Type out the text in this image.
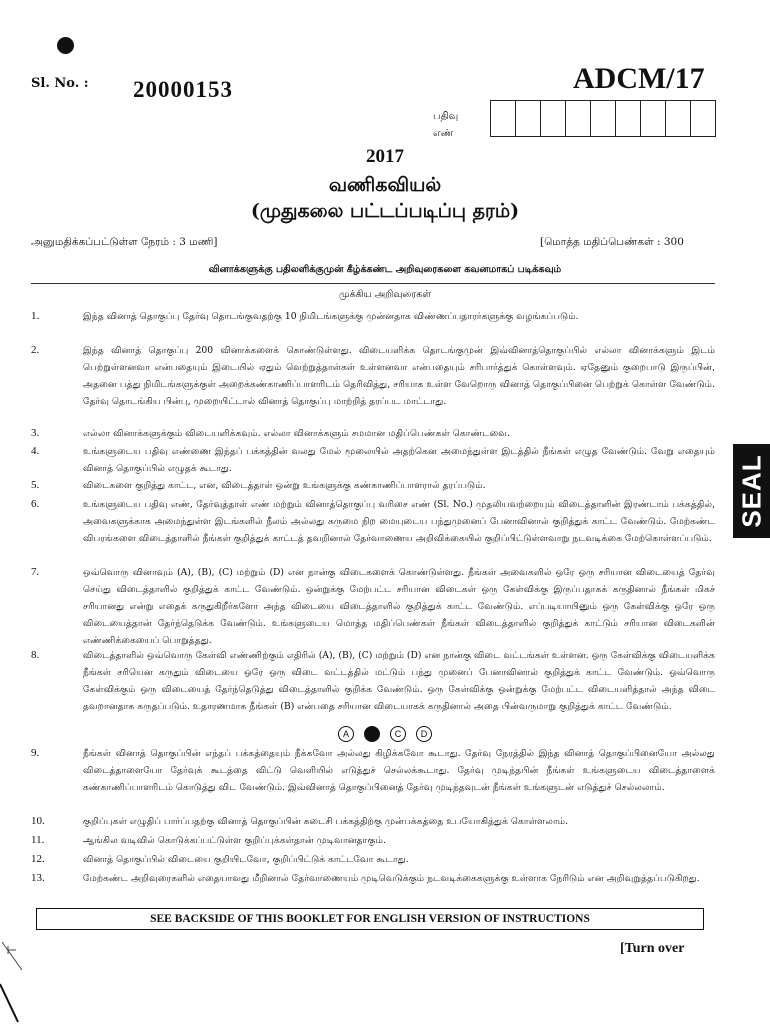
Sl. No. : 20000153	ADCM/17
பதிவு
எண்
2017
வணிகவியல்
(முதுகலை பட்டப்படிப்பு தரம்)
அனுமதிக்கப்பட்டுள்ள நேரம் : 3 மணி]	[மொத்த மதிப்பெண்கள் : 300
வினாக்களுக்கு பதிலளிக்குமுன் கீழ்க்கண்ட அறிவுரைகளை கவனமாகப் படிக்கவும்
முக்கிய அறிவுரைகள்
1.	இந்த வினாத் தொகுப்பு தேர்வு தொடங்குவதற்கு 10 நிமிடங்களுக்கு முன்னதாக விண்ணப்பதாரர்களுக்கு வழங்கப்படும்.
2.	இந்த வினாத் தொகுப்பு 200 வினாக்களைக் கொண்டுள்ளது. விடையளிக்க தொடங்குமுன் இவ்வினாத்தொகுப்பில் எல்லா வினாக்களும் இடம் பெற்றுள்ளனவா என்பதையும் இடையில் ஏதும் வெற்றுத்தாள்கள் உள்ளனவா என்பதையும் சரிபார்த்துக் கொள்ளவும். ஏதேனும் குறைபாடு இருப்பின், அதனை பத்து நிமிடங்களுக்குள் அறைக்கண்காணிப்பாளரிடம் தெரிவித்து, சரியாக உள்ள வேறொரு வினாத் தொகுப்பினை பெற்றுக் கொள்ள வேண்டும். தேர்வு தொடங்கிய பின்பு, முறையிட்டால் வினாத் தொகுப்பு மாற்றித் தரப்பட மாட்டாது.
3.	எல்லா வினாக்களுக்கும் விடையளிக்கவும். எல்லா வினாக்களும் சமமான மதிப்பெண்கள் கொண்டவை.
4.	உங்களுடைய பதிவு எண்ணை இந்தப் பக்கத்தின் வலது மேல் மூலையில் அதற்கென அமைந்துள்ள இடத்தில் நீங்கள் எழுத வேண்டும். வேறு எதையும் வினாத் தொகுப்பில் எழுதக் கூடாது.
5.	விடைகளை குறித்து காட்ட, என, விடைத்தாள் ஒன்று உங்களுக்கு கண்காணிப்பாளரால் தரப்படும்.
6.	உங்களுடைய பதிவு எண், தேர்வுத்தாள் எண் மற்றும் வினாத்தொகுப்பு வரிசை எண் (Sl. No.) முதலியவற்றையும் விடைத்தாளின் இரண்டாம் பக்கத்தில், அவைகளுக்காக அமைந்துள்ள இடங்களில் நீலம் அல்லது கருமை நிற மையுடைய பந்துமுனைப் பேனாவினால் குறித்துக் காட்ட வேண்டும். மேற்கண்ட விபரங்களை விடைத்தாளில் நீங்கள் குறித்துக் காட்டத் தவறினால் தேர்வாணைய அறிவிக்கையில் குறிப்பிட்டுள்ளவாறு நடவடிக்கை மேற்கொள்ளப்படும்.
7.	ஒவ்வொரு வினாவும் (A), (B), (C) மற்றும் (D) என நான்கு விடைகளைக் கொண்டுள்ளது. நீங்கள் அவைகளில் ஒரே ஒரு சரியான விடையைத் தேர்வு செய்து விடைத்தாளில் குறித்துக் காட்ட வேண்டும். ஒன்றுக்கு மேற்பட்ட சரியான விடைகள் ஒரு கேள்விக்கு இருப்பதாகக் கருதினால் நீங்கள் மிகச் சரியானது என்று எதைக் கருதுகிறீர்களோ அந்த விடையை விடைத்தாளில் குறித்துக் காட்ட வேண்டும். எப்படியாயினும் ஒரு கேள்விக்கு ஒரே ஒரு விடையைத்தான் தேர்ந்தெடுக்க வேண்டும். உங்களுடைய மொத்த மதிப்பெண்கள் நீங்கள் விடைத்தாளில் குறித்துக் காட்டும் சரியான விடைகளின் எண்ணிக்கையைப் பொறுத்தது.
8.	விடைத்தாளில் ஒவ்வொரு கேள்வி எண்ணிற்கும் எதிரில் (A), (B), (C) மற்றும் (D) என நான்கு விடை வட்டங்கள் உள்ளன. ஒரு கேள்விக்கு விடையளிக்க நீங்கள் சரியென கருதும் விடையை ஒரே ஒரு விடை வட்டத்தில் மட்டும் பந்து முனைப் பேனாவினால் குறித்துக் காட்ட வேண்டும். ஒவ்வொரு கேள்விக்கும் ஒரு விடையைத் தேர்ந்தெடுத்து விடைத்தாளில் குறிக்க வேண்டும். ஒரு கேள்விக்கு ஒன்றுக்கு மேற்பட்ட விடையளித்தால் அந்த விடை தவறானதாக கருதப்படும். உதாரணமாக நீங்கள் (B) என்பதை சரியான விடையாகக் கருதினால் அதை பின்வருமாறு குறித்துக் காட்ட வேண்டும்.
A	C	D
9.	நீங்கள் வினாத் தொகுப்பின் எந்தப் பக்கத்தையும் நீக்கவோ அல்லது கிழிக்கவோ கூடாது. தேர்வு நேரத்தில் இந்த வினாத் தொகுப்பினையோ அல்லது விடைத்தாளையோ தேர்வுக் கூடத்தை விட்டு வெளியில் எடுத்துச் செல்லக்கூடாது. தேர்வு முடிந்தபின் நீங்கள் உங்களுடைய விடைத்தாளைக் கண்காணிப்பாளரிடம் கொடுத்து விட வேண்டும். இவ்வினாத் தொகுப்பினைத் தேர்வு முடிந்தவுடன் நீங்கள் உங்களுடன் எடுத்துச் செல்லலாம்.
10.	குறிப்புகள் எழுதிப் பார்ப்பதற்கு வினாத் தொகுப்பின் கடைசி பக்கத்திற்கு முன்பக்கத்தை உபயோகித்துக் கொள்ளலாம்.
11.	ஆங்கில வடிவில் கொடுக்கப்பட்டுள்ள குறிப்புக்கள்தான் முடிவானதாகும்.
12.	வினாத் தொகுப்பில் விடையை குறியிடவோ, குறிப்பிட்டுக் காட்டவோ கூடாது.
13.	மேற்கண்ட அறிவுரைகளில் எதையாவது மீறினால் தேர்வாணையம் முடிவெடுக்கும் நடவடிக்கைகளுக்கு உள்ளாக நேரிடும் என அறிவுறுத்தப்படுகிறது.
SEAL
SEE BACKSIDE OF THIS BOOKLET FOR ENGLISH VERSION OF INSTRUCTIONS
[Turn over
